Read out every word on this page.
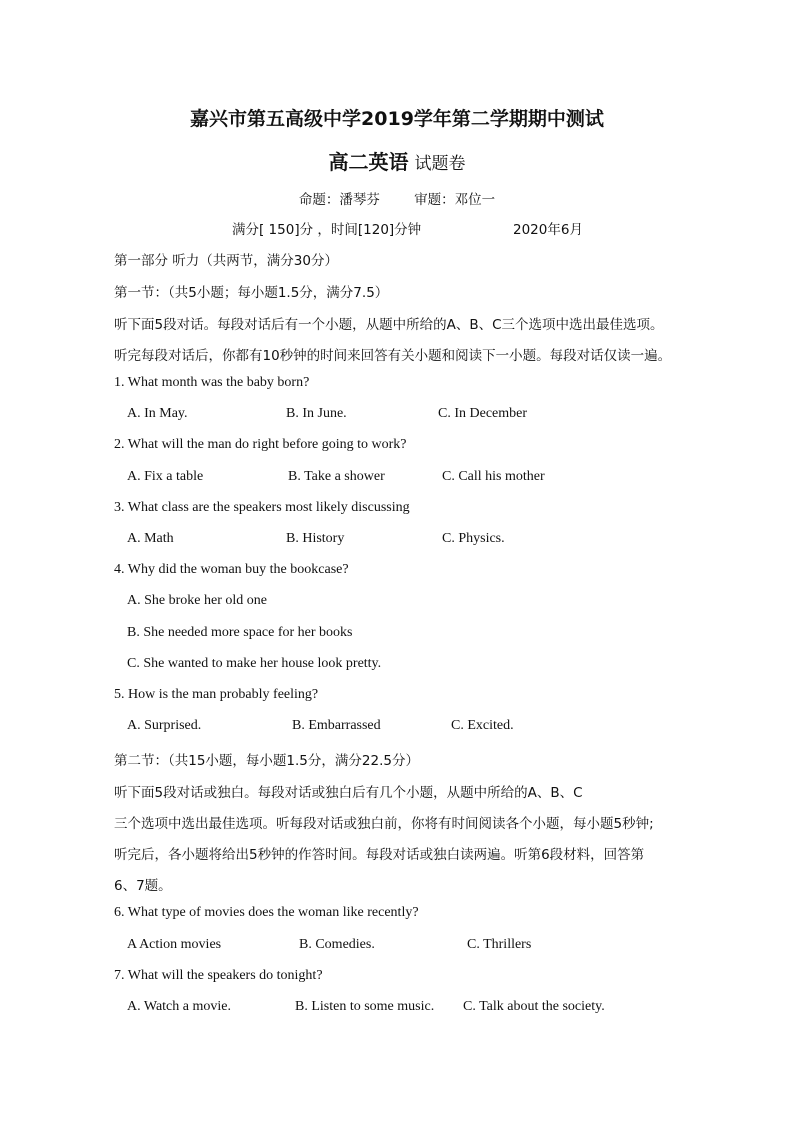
嘉兴市第五高级中学2019学年第二学期期中测试
高二英语 试题卷
命题：潘琴芬        审题：邓位一
满分[ 150]分 ，时间[120]分钟	2020年6月
第一部分 听力（共两节，满分30分）
第一节：（共5小题；每小题1.5分，满分7.5）
听下面5段对话。每段对话后有一个小题，从题中所给的A、B、C三个选项中选出最佳选项。
听完每段对话后，你都有10秒钟的时间来回答有关小题和阅读下一小题。每段对话仅读一遍。
1. What month was the baby born?
A. In May.	B. In June.	C. In December
2. What will the man do right before going to work?
A. Fix a table	B. Take a shower	C. Call his mother
3. What class are the speakers most likely discussing
A. Math	B. History	C. Physics.
4. Why did the woman buy the bookcase?
A. She broke her old one
B. She needed more space for her books
C. She wanted to make her house look pretty.
5. How is the man probably feeling?
A. Surprised.	B. Embarrassed	C. Excited.
第二节：（共15小题，每小题1.5分，满分22.5分）
听下面5段对话或独白。每段对话或独白后有几个小题，从题中所给的A、B、C
三个选项中选出最佳选项。听每段对话或独白前，你将有时间阅读各个小题，每小题5秒钟;
听完后，各小题将给出5秒钟的作答时间。每段对话或独白读两遍。听第6段材料，回答第
6、7题。
6. What type of movies does the woman like recently?
A Action movies	B. Comedies.	C. Thrillers
7. What will the speakers do tonight?
A. Watch a movie.	B. Listen to some music. C. Talk about the society.
